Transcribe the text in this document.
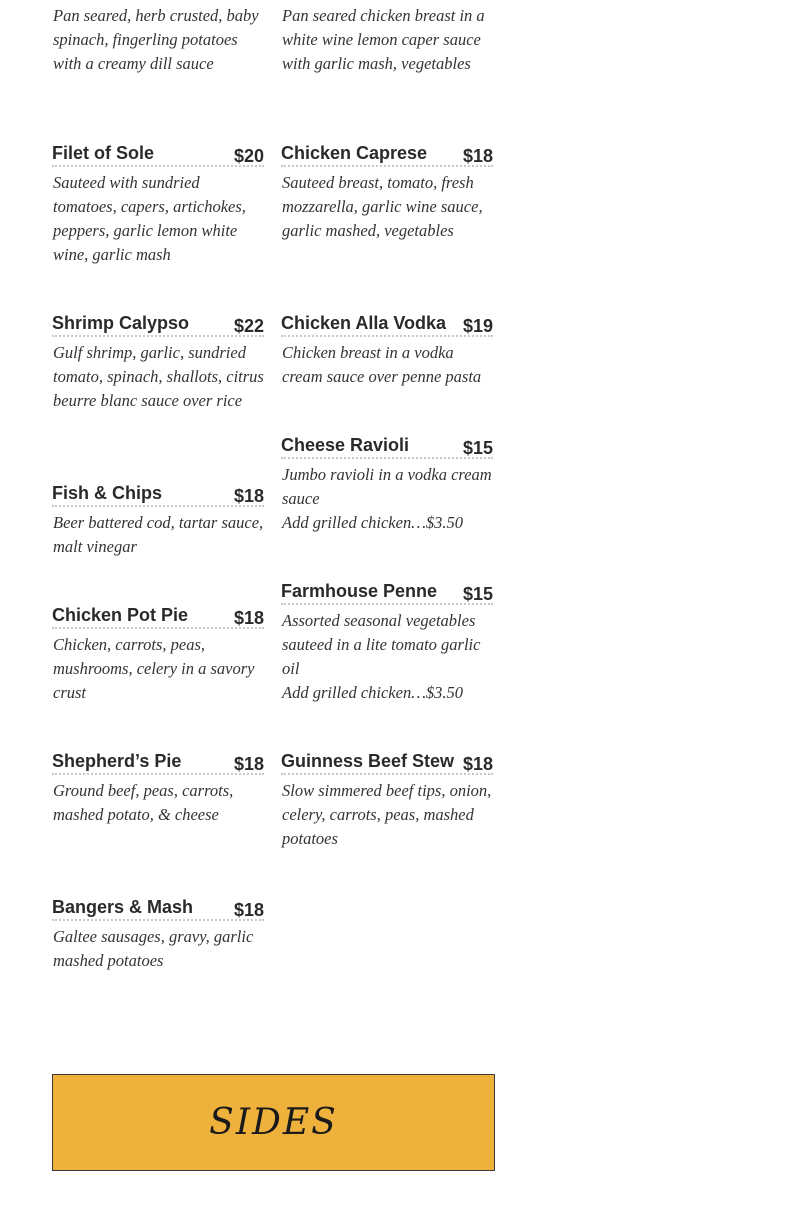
Pan seared, herb crusted, baby spinach, fingerling potatoes with a creamy dill sauce
Pan seared chicken breast in a white wine lemon caper sauce with garlic mash, vegetables
Filet of Sole	$20
Sauteed with sundried tomatoes, capers, artichokes, peppers, garlic lemon white wine, garlic mash
Shrimp Calypso $22
Gulf shrimp, garlic, sundried tomato, spinach, shallots, citrus beurre blanc sauce over rice
Fish & Chips	$18
Beer battered cod, tartar sauce, malt vinegar
Chicken Pot Pie	$18
Chicken, carrots, peas, mushrooms, celery in a savory crust
Shepherd’s Pie	$18
Ground beef, peas, carrots, mashed potato, & cheese
Bangers & Mash $18
Galtee sausages, gravy, garlic mashed potatoes
Chicken Caprese $18
Sauteed breast, tomato, fresh mozzarella, garlic wine sauce, garlic mashed, vegetables
Chicken Alla Vodka $19
Chicken breast in a vodka cream sauce over penne pasta
Cheese Ravioli	$15
Jumbo ravioli in a vodka cream sauce
Add grilled chicken…$3.50
Farmhouse Penne $15
Assorted seasonal vegetables sauteed in a lite tomato garlic oil
Add grilled chicken…$3.50
Guinness Beef Stew $18
Slow simmered beef tips, onion, celery, carrots, peas, mashed potatoes
SIDES
